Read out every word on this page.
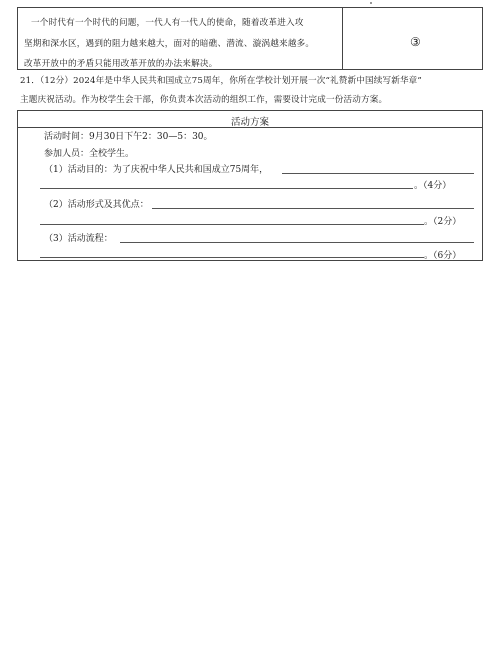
一个时代有一个时代的问题，一代人有一代人的使命，随着改革进入攻
坚期和深水区，遇到的阻力越来越大，面对的暗礁、潜流、漩涡越来越多。
改革开放中的矛盾只能用改革开放的办法来解决。
③
21．（12分）2024年是中华人民共和国成立75周年，你所在学校计划开展一次“礼赞新中国续写新华章”
主题庆祝活动。作为校学生会干部，你负责本次活动的组织工作，需要设计完成一份活动方案。
活动方案
活动时间：9月30日下午2：30—5：30。
参加人员：全校学生。
（1）活动目的：为了庆祝中华人民共和国成立75周年，
。（4分）
（2）活动形式及其优点：
。（2分）
（3）活动流程：
。（6分）
